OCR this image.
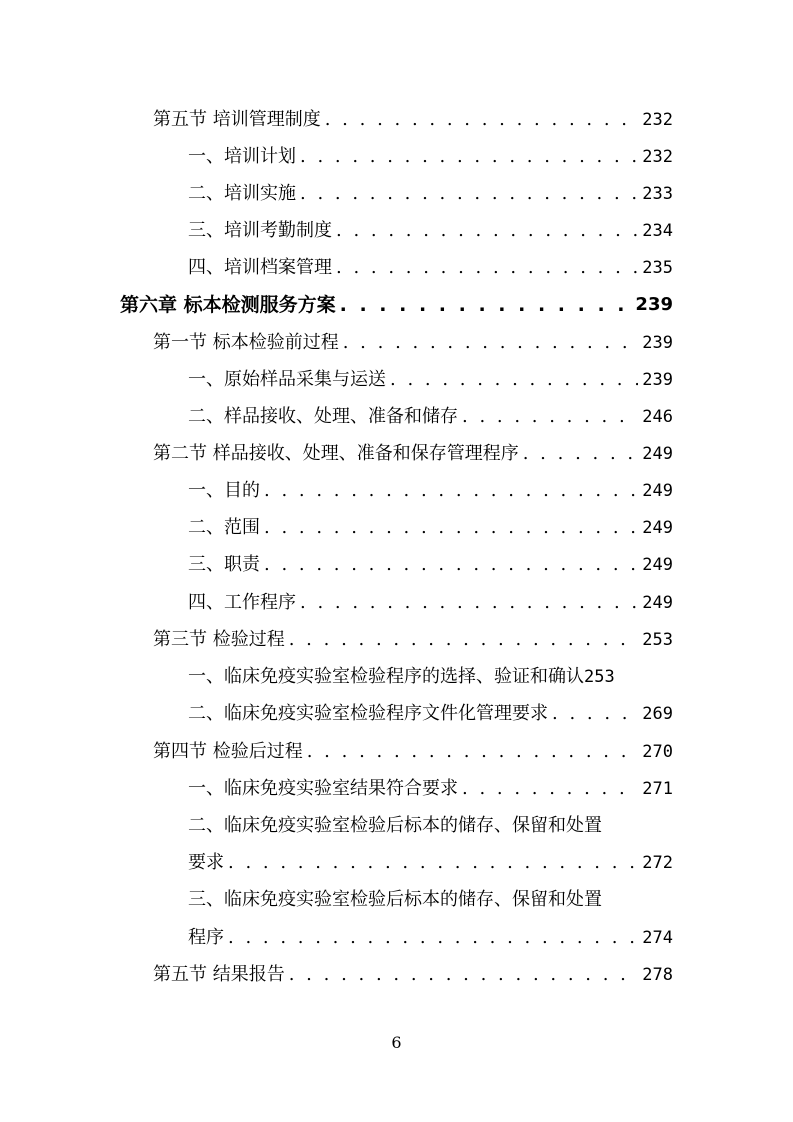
第五节 培训管理制度 . . .	232
一、培训计划 . . .	232
二、培训实施 . . .	233
三、培训考勤制度 . . .	234
四、培训档案管理 . . .	235
第六章 标本检测服务方案 . . .	239
第一节 标本检验前过程 . . .	239
一、原始样品采集与运送 . . .	239
二、样品接收、处理、准备和储存 . . .	246
第二节 样品接收、处理、准备和保存管理程序 . . .	249
一、目的 . . .	249
二、范围 . . .	249
三、职责 . . .	249
四、工作程序 . . .	249
第三节 检验过程 . . .	253
一、临床免疫实验室检验程序的选择、验证和确认 253
二、临床免疫实验室检验程序文件化管理要求 . . .	269
第四节 检验后过程 . . .	270
一、临床免疫实验室结果符合要求 . . .	271
二、临床免疫实验室检验后标本的储存、保留和处置
要求 . . .	272
三、临床免疫实验室检验后标本的储存、保留和处置
程序 . . .	274
第五节 结果报告 . . .	278
6
